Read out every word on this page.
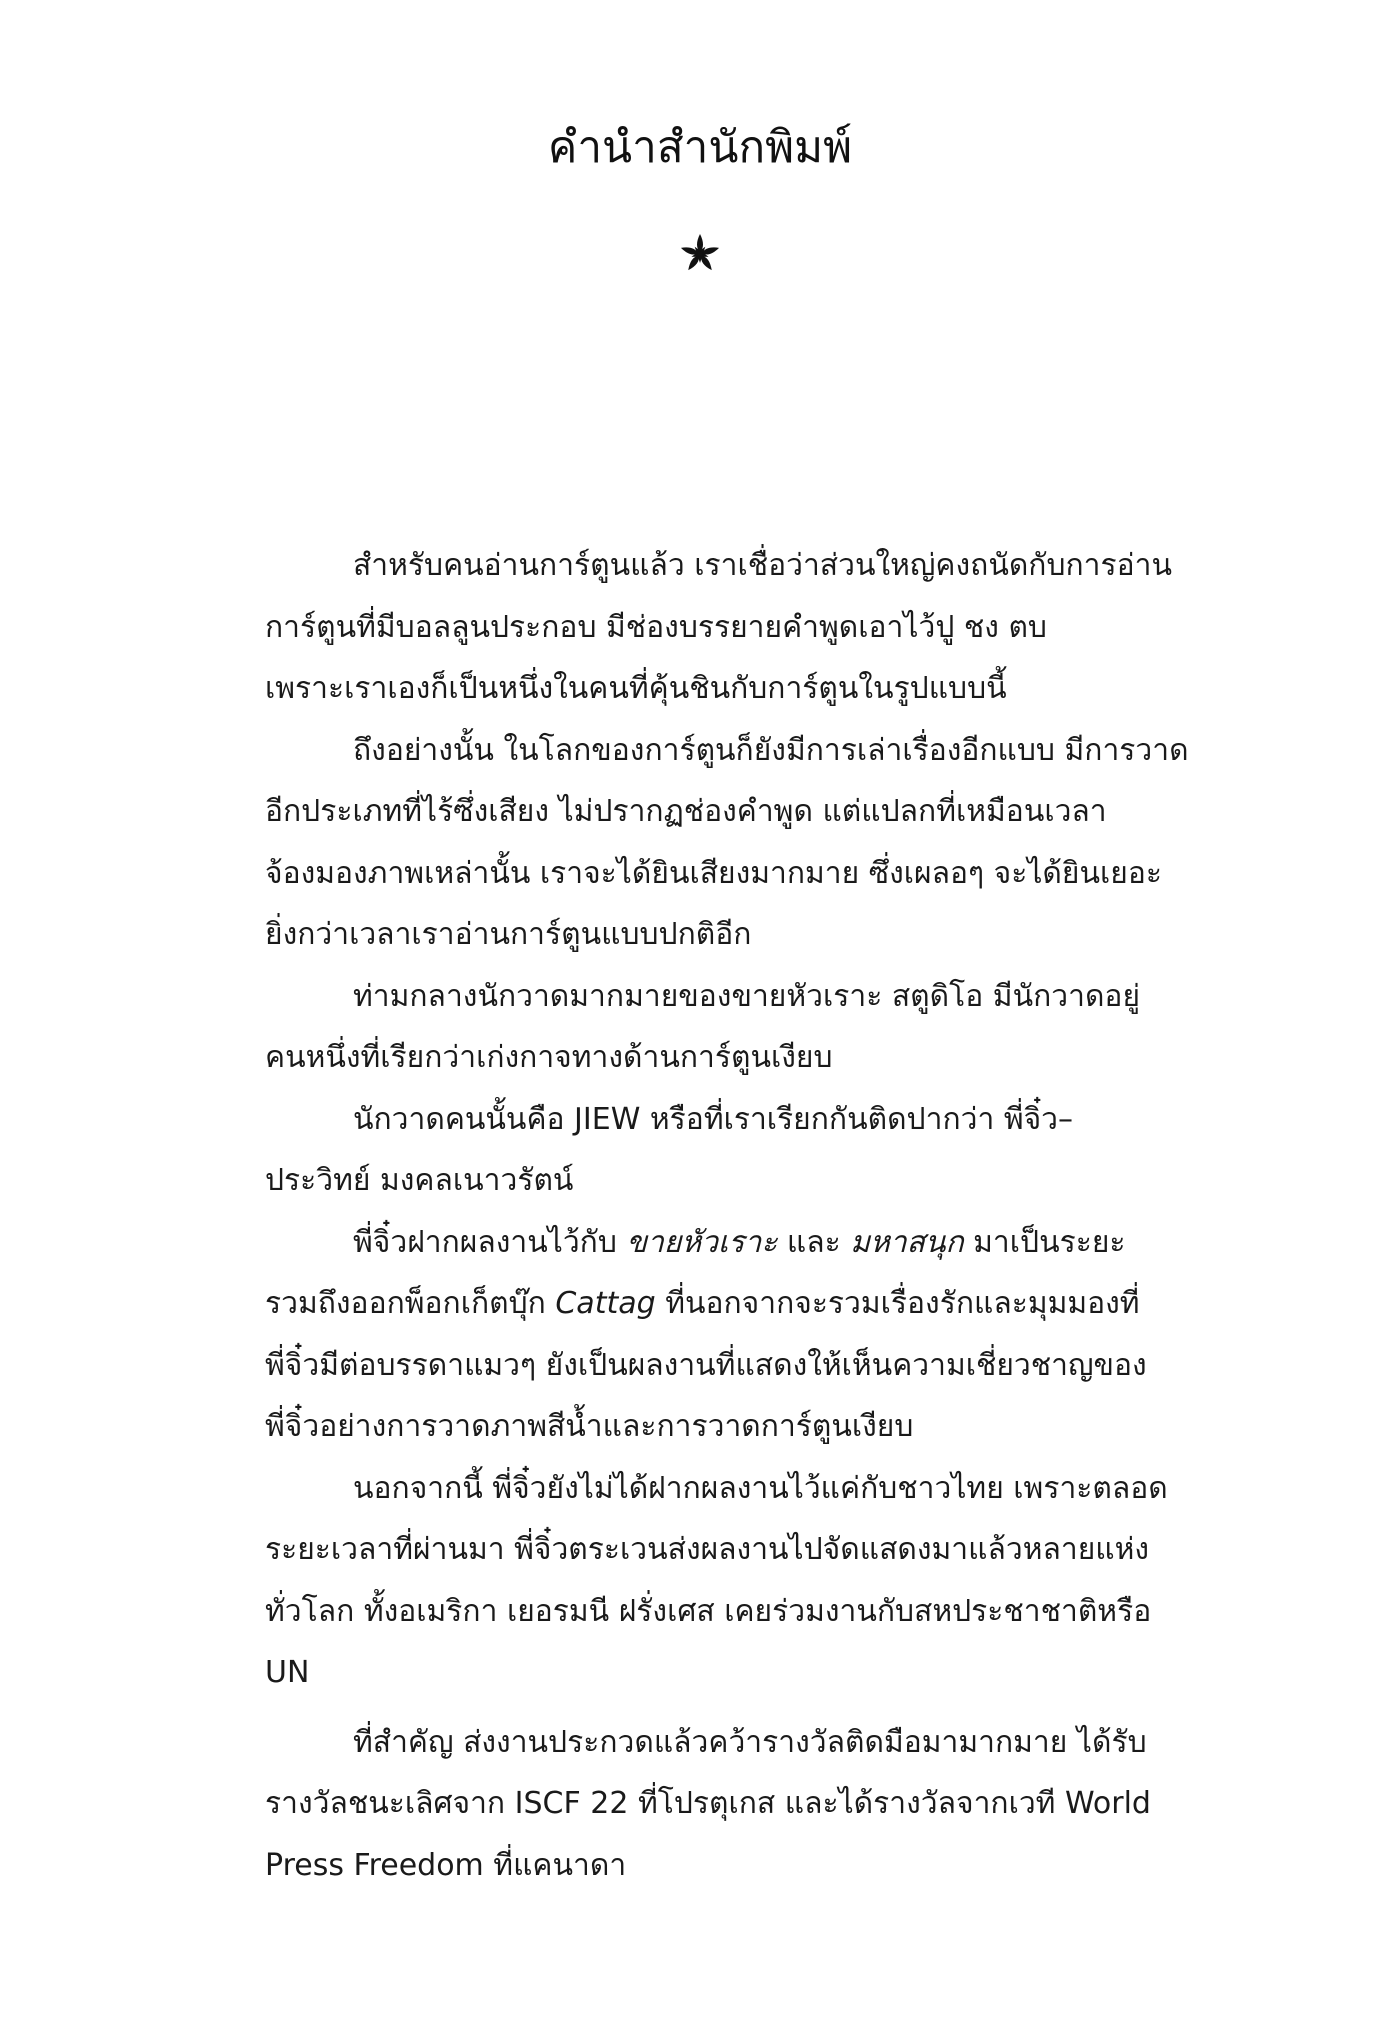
คำนำสำนักพิมพ์
สำหรับคนอ่านการ์ตูนแล้ว เราเชื่อว่าส่วนใหญ่คงถนัดกับการอ่าน
การ์ตูนที่มีบอลลูนประกอบ มีช่องบรรยายคำพูดเอาไว้ปู ชง ตบ
เพราะเราเองก็เป็นหนึ่งในคนที่คุ้นชินกับการ์ตูนในรูปแบบนี้
ถึงอย่างนั้น ในโลกของการ์ตูนก็ยังมีการเล่าเรื่องอีกแบบ มีการวาด
อีกประเภทที่ไร้ซึ่งเสียง ไม่ปรากฏช่องคำพูด แต่แปลกที่เหมือนเวลา
จ้องมองภาพเหล่านั้น เราจะได้ยินเสียงมากมาย ซึ่งเผลอๆ จะได้ยินเยอะ
ยิ่งกว่าเวลาเราอ่านการ์ตูนแบบปกติอีก
ท่ามกลางนักวาดมากมายของขายหัวเราะ สตูดิโอ มีนักวาดอยู่
คนหนึ่งที่เรียกว่าเก่งกาจทางด้านการ์ตูนเงียบ
นักวาดคนนั้นคือ JIEW หรือที่เราเรียกกันติดปากว่า พี่จิ๋ว–
ประวิทย์ มงคลเนาวรัตน์
พี่จิ๋วฝากผลงานไว้กับ ขายหัวเราะ และ มหาสนุก มาเป็นระยะ
รวมถึงออกพ็อกเก็ตบุ๊ก Cattag ที่นอกจากจะรวมเรื่องรักและมุมมองที่
พี่จิ๋วมีต่อบรรดาแมวๆ ยังเป็นผลงานที่แสดงให้เห็นความเชี่ยวชาญของ
พี่จิ๋วอย่างการวาดภาพสีน้ำและการวาดการ์ตูนเงียบ
นอกจากนี้ พี่จิ๋วยังไม่ได้ฝากผลงานไว้แค่กับชาวไทย เพราะตลอด
ระยะเวลาที่ผ่านมา พี่จิ๋วตระเวนส่งผลงานไปจัดแสดงมาแล้วหลายแห่ง
ทั่วโลก ทั้งอเมริกา เยอรมนี ฝรั่งเศส เคยร่วมงานกับสหประชาชาติหรือ
UN
ที่สำคัญ ส่งงานประกวดแล้วคว้ารางวัลติดมือมามากมาย ได้รับ
รางวัลชนะเลิศจาก ISCF 22 ที่โปรตุเกส และได้รางวัลจากเวที World
Press Freedom ที่แคนาดา
